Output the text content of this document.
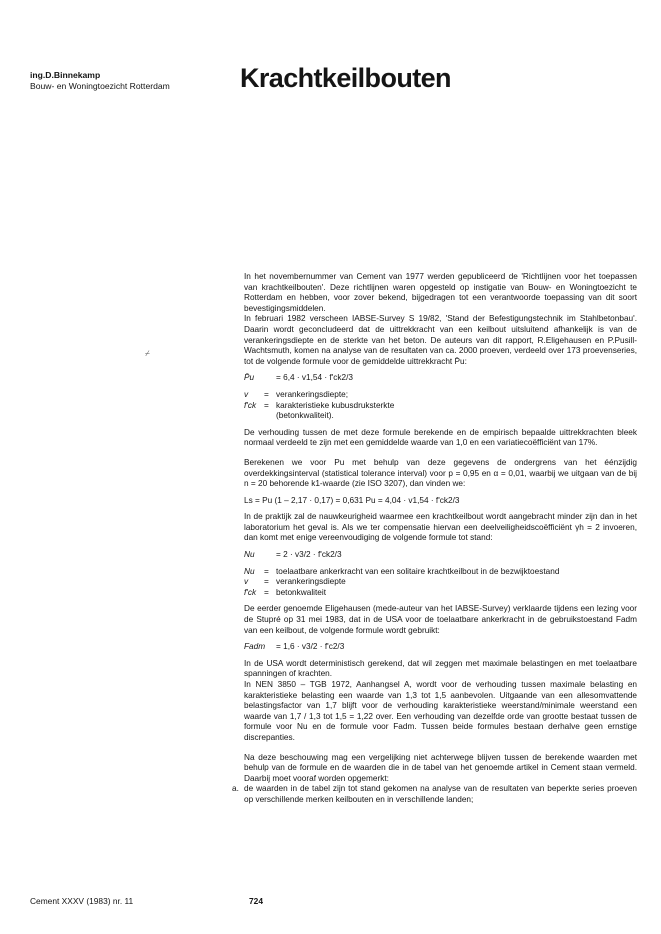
ing.D.Binnekamp
Bouw- en Woningtoezicht Rotterdam	Krachtkeilbouten
⌿

In het novembernummer van Cement van 1977 werden gepubliceerd de 'Richtlijnen voor het toepassen van krachtkeilbouten'. Deze richtlijnen waren opgesteld op instigatie van Bouw- en Woningtoezicht te Rotterdam en hebben, voor zover bekend, bijgedragen tot een verantwoorde toepassing van dit soort bevestigingsmiddelen.

In februari 1982 verscheen IABSE-Survey S 19/82, 'Stand der Befestigungstechnik im Stahlbetonbau'. Daarin wordt geconcludeerd dat de uittrekkracht van een keilbout uitsluitend afhankelijk is van de verankeringsdiepte en de sterkte van het beton. De auteurs van dit rapport, R.Eligehausen en P.Pusill-Wachtsmuth, komen na analyse van de resultaten van ca. 2000 proeven, verdeeld over 173 proevenseries, tot de volgende formule voor de gemiddelde uittrekkracht P̄u:

P̄u	= 6,4 · v1,54 · f'ck2/3
v	= verankeringsdiepte;
f'ck = karakteristieke kubusdruksterkte
(betonkwaliteit).

De verhouding tussen de met deze formule berekende en de empirisch bepaalde uittrekkrachten bleek normaal verdeeld te zijn met een gemiddelde waarde van 1,0 en een variatiecoëfficiënt van 17%.

Berekenen we voor Pu met behulp van deze gegevens de ondergrens van het éénzijdig overdekkingsinterval (statistical tolerance interval) voor p = 0,95 en α = 0,01, waarbij we uitgaan van de bij n = 20 behorende k1-waarde (zie ISO 3207), dan vinden we:

Ls = Pu (1 – 2,17 · 0,17) = 0,631 Pu = 4,04 · v1,54 · f'ck2/3

In de praktijk zal de nauwkeurigheid waarmee een krachtkeilbout wordt aangebracht minder zijn dan in het laboratorium het geval is. Als we ter compensatie hiervan een deelveiligheidscoëfficiënt γh = 2 invoeren, dan komt met enige vereenvoudiging de volgende formule tot stand:

Nu	= 2 · v3/2 · f'ck2/3
Nu	= toelaatbare ankerkracht van een solitaire krachtkeilbout in de bezwijktoestand
v	= verankeringsdiepte
f'ck = betonkwaliteit

De eerder genoemde Eligehausen (mede-auteur van het IABSE-Survey) verklaarde tijdens een lezing voor de Stupré op 31 mei 1983, dat in de USA voor de toelaatbare ankerkracht in de gebruikstoestand Fadm van een keilbout, de volgende formule wordt gebruikt:

Fadm = 1,6 · v3/2 · f'c2/3

In de USA wordt deterministisch gerekend, dat wil zeggen met maximale belastingen en met toelaatbare spanningen of krachten.

In NEN 3850 – TGB 1972, Aanhangsel A, wordt voor de verhouding tussen maximale belasting en karakteristieke belasting een waarde van 1,3 tot 1,5 aanbevolen. Uitgaande van een allesomvattende belastingsfactor van 1,7 blijft voor de verhouding karakteristieke weerstand/minimale weerstand een waarde van 1,7 / 1,3 tot 1,5 = 1,22 over. Een verhouding van dezelfde orde van grootte bestaat tussen de formule voor Nu en de formule voor Fadm. Tussen beide formules bestaan derhalve geen ernstige discrepanties.

Na deze beschouwing mag een vergelijking niet achterwege blijven tussen de berekende waarden met behulp van de formule en de waarden die in de tabel van het genoemde artikel in Cement staan vermeld. Daarbij moet vooraf worden opgemerkt:

a. de waarden in de tabel zijn tot stand gekomen na analyse van de resultaten van beperkte series proeven op verschillende merken keilbouten en in verschillende landen;
Cement XXXV (1983) nr. 11	724
